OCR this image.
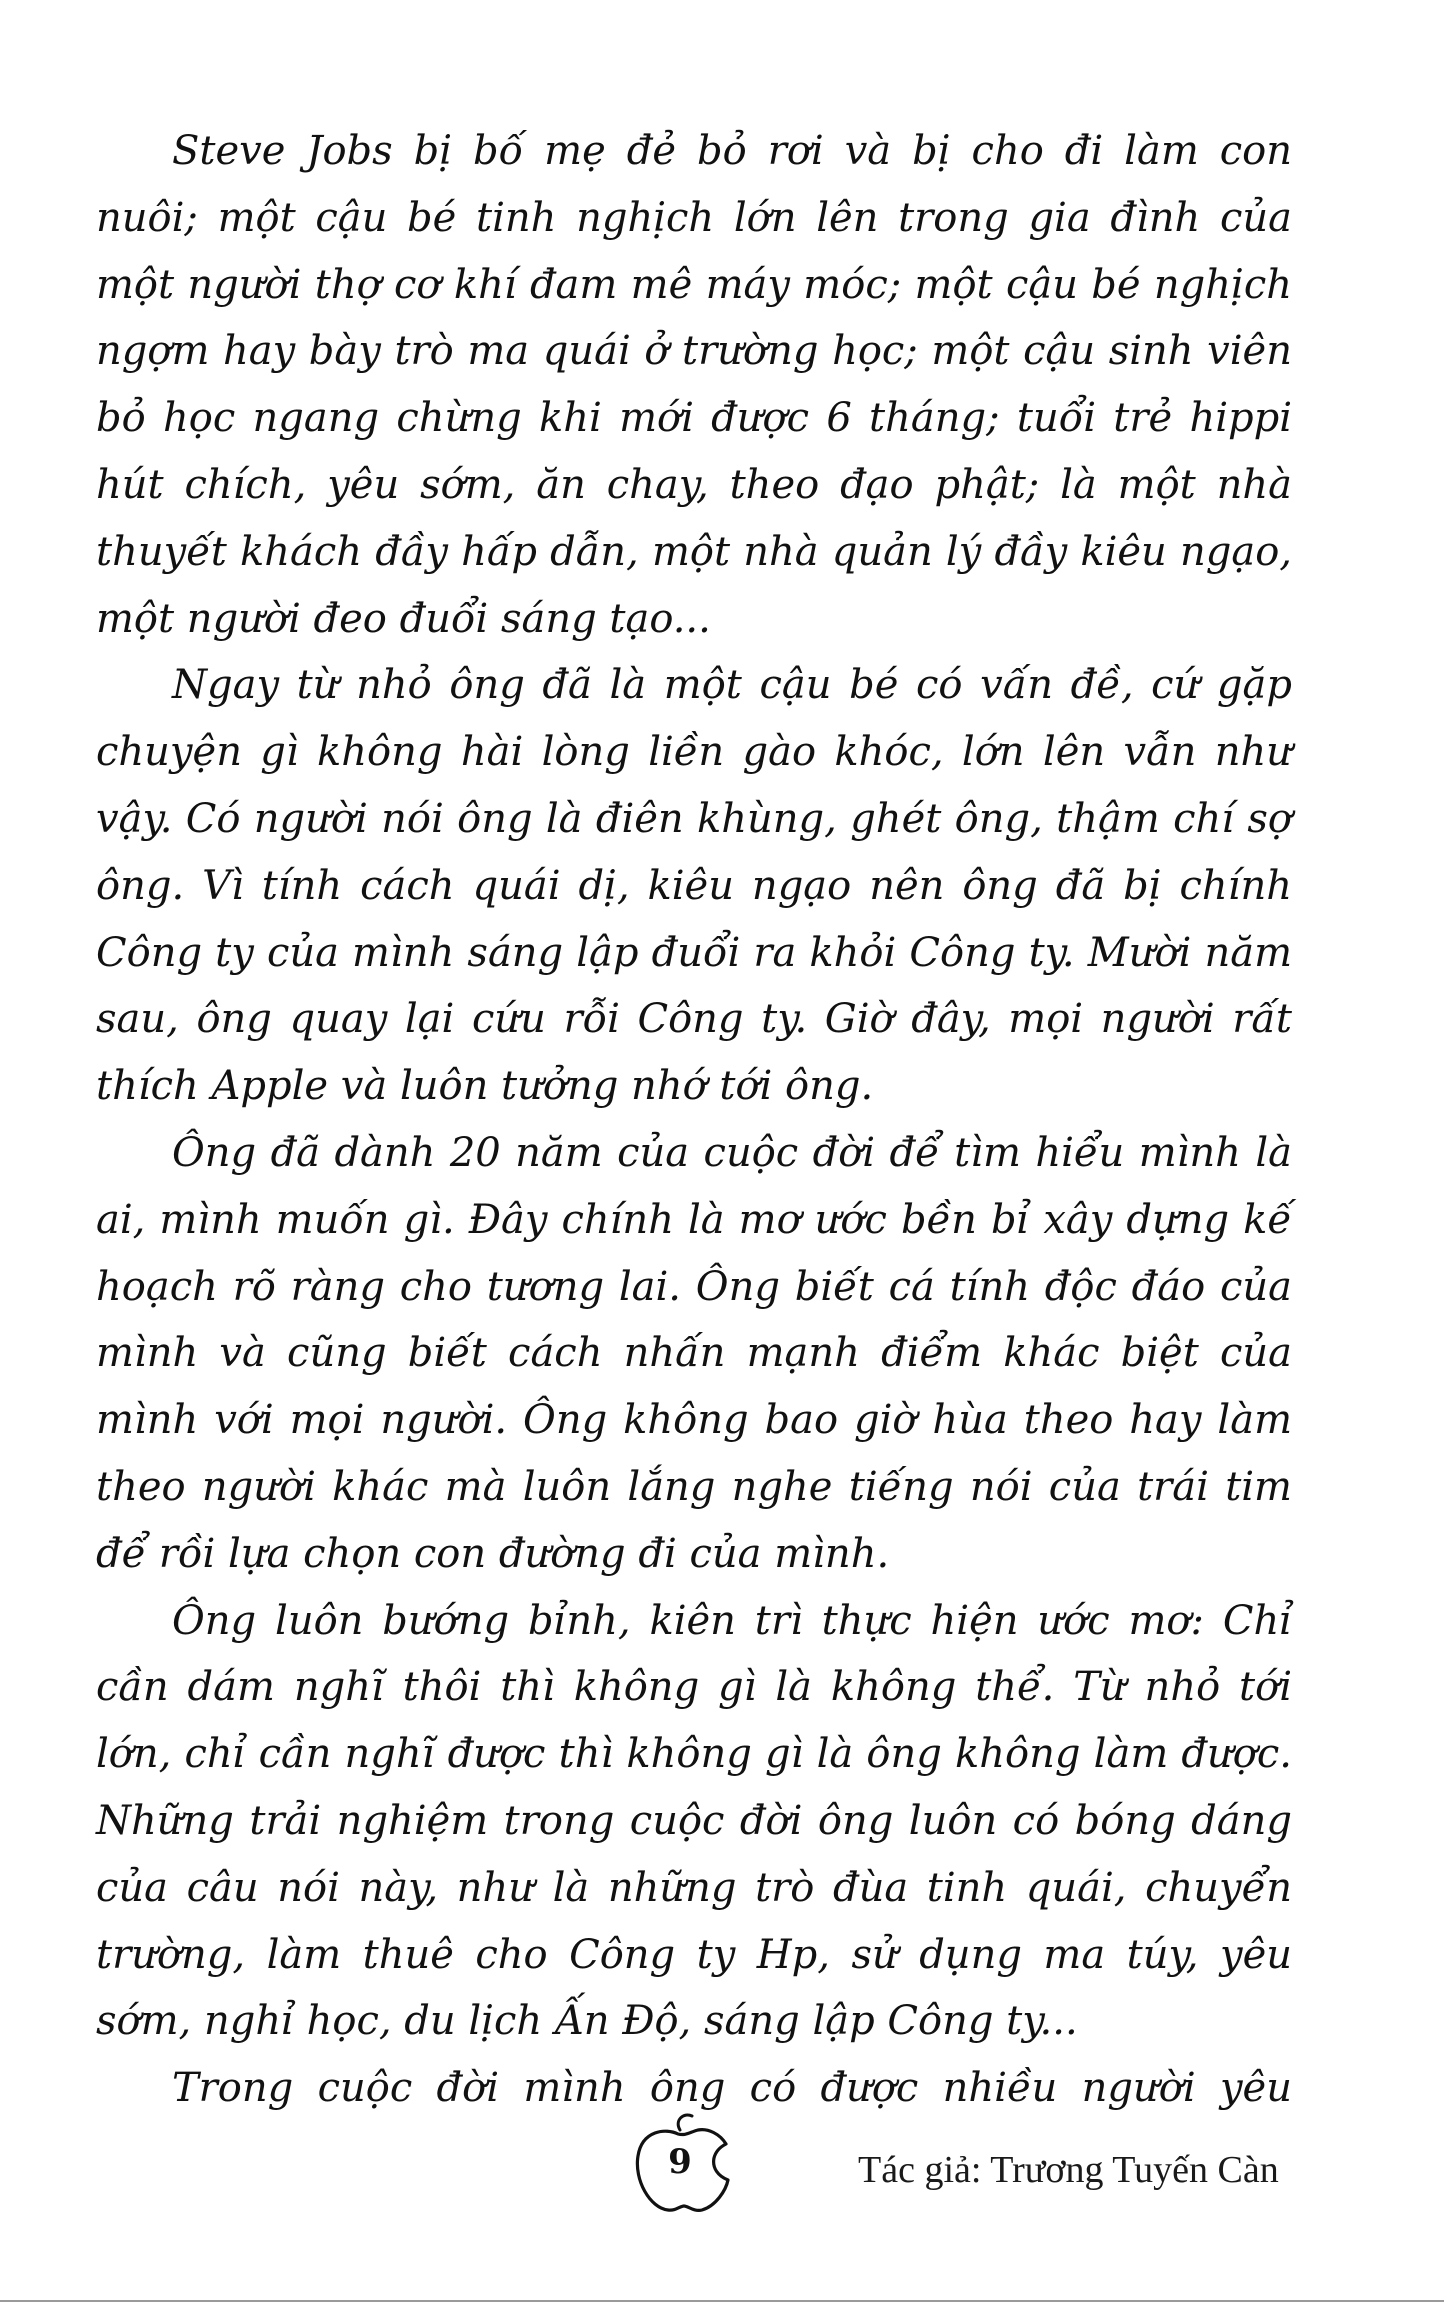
Steve Jobs bị bố mẹ đẻ bỏ rơi và bị cho đi làm con nuôi; một cậu bé tinh nghịch lớn lên trong gia đình của một người thợ cơ khí đam mê máy móc; một cậu bé nghịch ngợm hay bày trò ma quái ở trường học; một cậu sinh viên bỏ học ngang chừng khi mới được 6 tháng; tuổi trẻ hippi hút chích, yêu sớm, ăn chay, theo đạo phật; là một nhà thuyết khách đầy hấp dẫn, một nhà quản lý đầy kiêu ngạo, một người đeo đuổi sáng tạo...

Ngay từ nhỏ ông đã là một cậu bé có vấn đề, cứ gặp chuyện gì không hài lòng liền gào khóc, lớn lên vẫn như vậy. Có người nói ông là điên khùng, ghét ông, thậm chí sợ ông. Vì tính cách quái dị, kiêu ngạo nên ông đã bị chính Công ty của mình sáng lập đuổi ra khỏi Công ty. Mười năm sau, ông quay lại cứu rỗi Công ty. Giờ đây, mọi người rất thích Apple và luôn tưởng nhớ tới ông.

Ông đã dành 20 năm của cuộc đời để tìm hiểu mình là ai, mình muốn gì. Đây chính là mơ ước bền bỉ xây dựng kế hoạch rõ ràng cho tương lai. Ông biết cá tính độc đáo của mình và cũng biết cách nhấn mạnh điểm khác biệt của mình với mọi người. Ông không bao giờ hùa theo hay làm theo người khác mà luôn lắng nghe tiếng nói của trái tim để rồi lựa chọn con đường đi của mình.

Ông luôn bướng bỉnh, kiên trì thực hiện ước mơ: Chỉ cần dám nghĩ thôi thì không gì là không thể. Từ nhỏ tới lớn, chỉ cần nghĩ được thì không gì là ông không làm được. Những trải nghiệm trong cuộc đời ông luôn có bóng dáng của câu nói này, như là những trò đùa tinh quái, chuyển trường, làm thuê cho Công ty Hp, sử dụng ma túy, yêu sớm, nghỉ học, du lịch Ấn Độ, sáng lập Công ty...

Trong cuộc đời mình ông có được nhiều người yêu

9	Tác giả: Trương Tuyến Càn
